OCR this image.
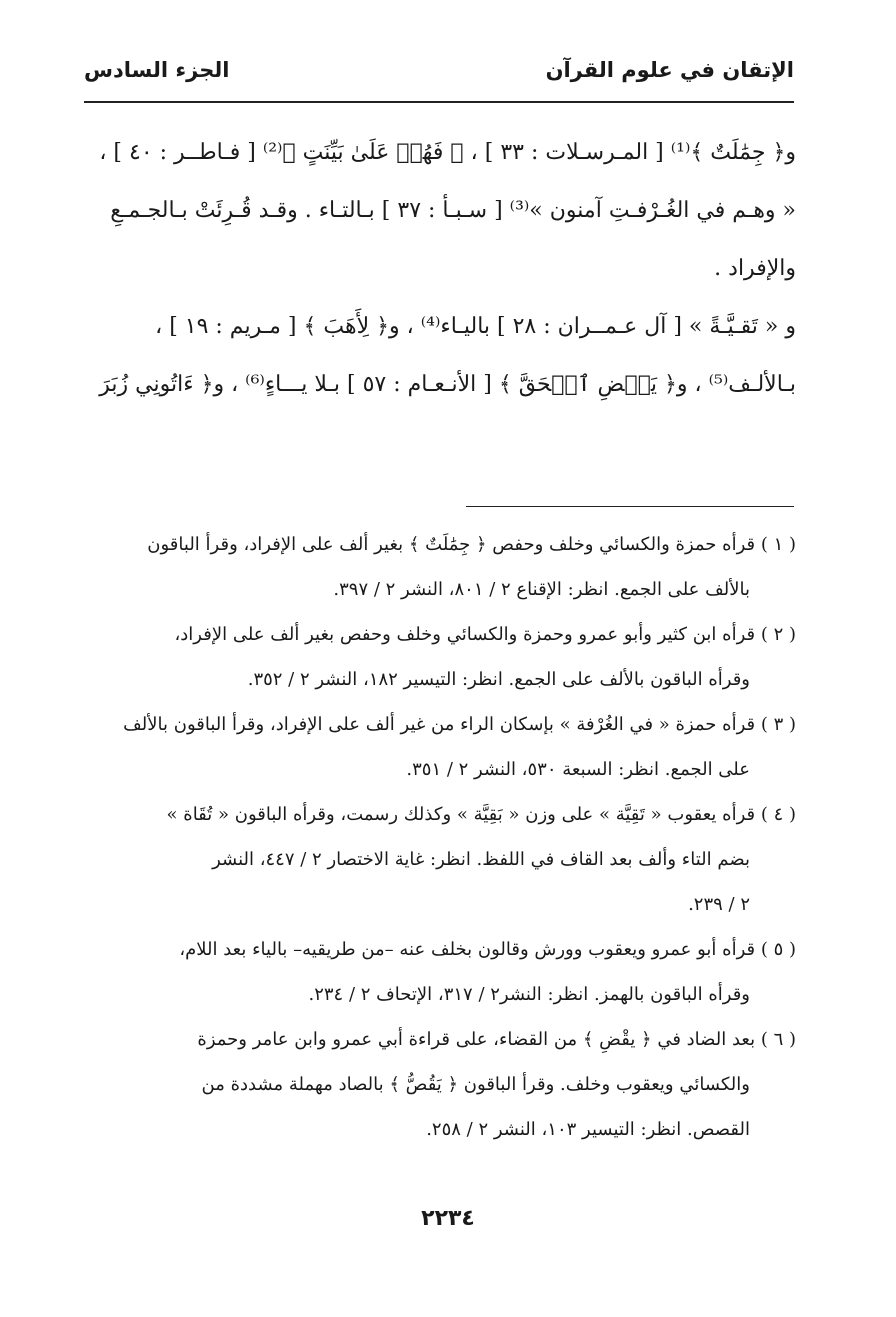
الإتقان في علوم القرآن
الجزء السادس
و﴿ جِمَٰلَتٌ ﴾⁽¹⁾ [ المـرسـلات : ٣٣ ] ، ﴿ فَهُمۡ عَلَىٰ بَيِّنَتٍ ﴾⁽²⁾ [ فـاطــر : ٤٠ ] ،
« وهـم في الغُـرْفـتِ آمنون »⁽³⁾ [ سـبـأ : ٣٧ ] بـالتـاء . وقـد قُـرِئَتْ بـالجـمـعِ
والإفراد .
و « تَقـيَّـةً » [ آل عـمــران : ٢٨ ] باليـاء⁽⁴⁾ ، و﴿ لِأَهَبَ ﴾ [ مـريم : ١٩ ] ،
بـالألـف⁽⁵⁾ ، و﴿ يَقۡضِ ٱلۡحَقَّ ﴾ [ الأنـعـام : ٥٧ ] بـلا يـــاءٍ⁽⁶⁾ ، و﴿ ءَاتُونِي زُبَرَ
( ١ ) قرأه حمزة والكسائي وخلف وحفص ﴿ جِمَٰلَتٌ ﴾ بغير ألف على الإفراد، وقرأ الباقون
بالألف على الجمع. انظر: الإقناع ٢ / ٨٠١، النشر ٢ / ٣٩٧.
( ٢ ) قرأه ابن كثير وأبو عمرو وحمزة والكسائي وخلف وحفص بغير ألف على الإفراد،
وقرأه الباقون بالألف على الجمع. انظر: التيسير ١٨٢، النشر ٢ / ٣٥٢.
( ٣ ) قرأه حمزة « في الغُرْفة » بإسكان الراء من غير ألف على الإفراد، وقرأ الباقون بالألف
على الجمع. انظر: السبعة ٥٣٠، النشر ٢ / ٣٥١.
( ٤ ) قرأه يعقوب « تَقِيَّة » على وزن « بَقِيَّة » وكذلك رسمت، وقرأه الباقون « تُقَاة »
بضم التاء وألف بعد القاف في اللفظ. انظر: غاية الاختصار ٢ / ٤٤٧، النشر
٢ / ٢٣٩.
( ٥ ) قرأه أبو عمرو ويعقوب وورش وقالون بخلف عنه –من طريقيه– بالياء بعد اللام،
وقرأه الباقون بالهمز. انظر: النشر٢ / ٣١٧، الإتحاف ٢ / ٢٣٤.
( ٦ ) بعد الضاد في ﴿ يقْضِ ﴾ من القضاء، على قراءة أبي عمرو وابن عامر وحمزة
والكسائي ويعقوب وخلف. وقرأ الباقون ﴿ يَقُصُّ ﴾ بالصاد مهملة مشددة من
القصص. انظر: التيسير ١٠٣، النشر ٢ / ٢٥٨.
٢٢٣٤
